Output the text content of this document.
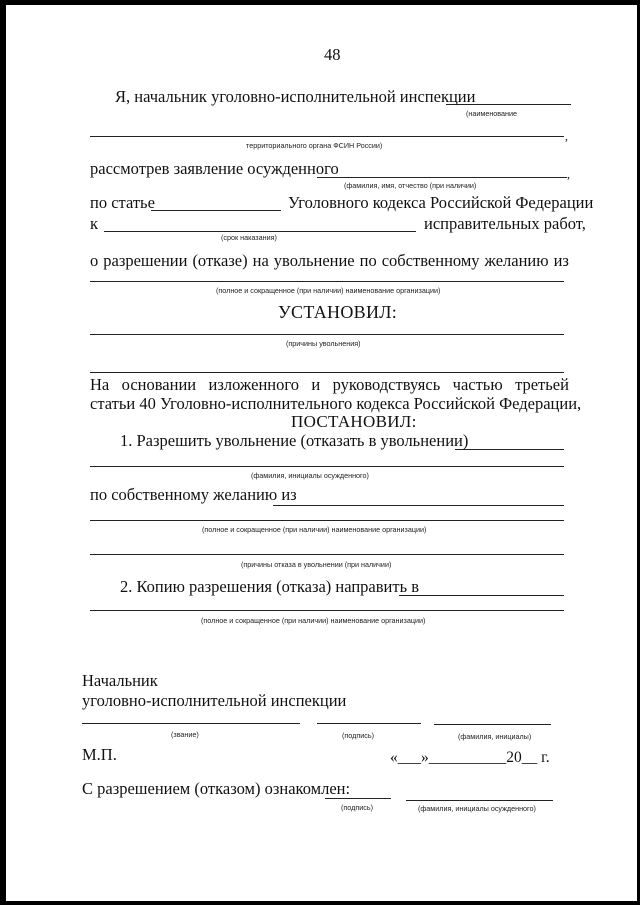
48
Я, начальник уголовно-исполнительной инспекции
(наименование
,
территориального органа ФСИН России)
рассмотрев заявление осужденного	,
(фамилия, имя, отчество (при наличии)
по статье	Уголовного кодекса Российской Федерации
к	исправительных работ,
(срок наказания)
о разрешении (отказе) на увольнение по собственному желанию из
(полное и сокращенное (при наличии) наименование организации)
УСТАНОВИЛ:
(причины увольнения)
На основании изложенного и руководствуясь частью третьей
статьи 40 Уголовно-исполнительного кодекса Российской Федерации,
ПОСТАНОВИЛ:
1. Разрешить увольнение (отказать в увольнении)
(фамилия, инициалы осужденного)
по собственному желанию из
(полное и сокращенное (при наличии) наименование организации)
(причины отказа в увольнении (при наличии)
2. Копию разрешения (отказа) направить в
(полное и сокращенное (при наличии) наименование организации)
Начальник
уголовно-исполнительной инспекции
(звание)	(подпись)	(фамилия, инициалы)
М.П.	«___»__________20__ г.
С разрешением (отказом) ознакомлен:
(подпись)	(фамилия, инициалы осужденного)
